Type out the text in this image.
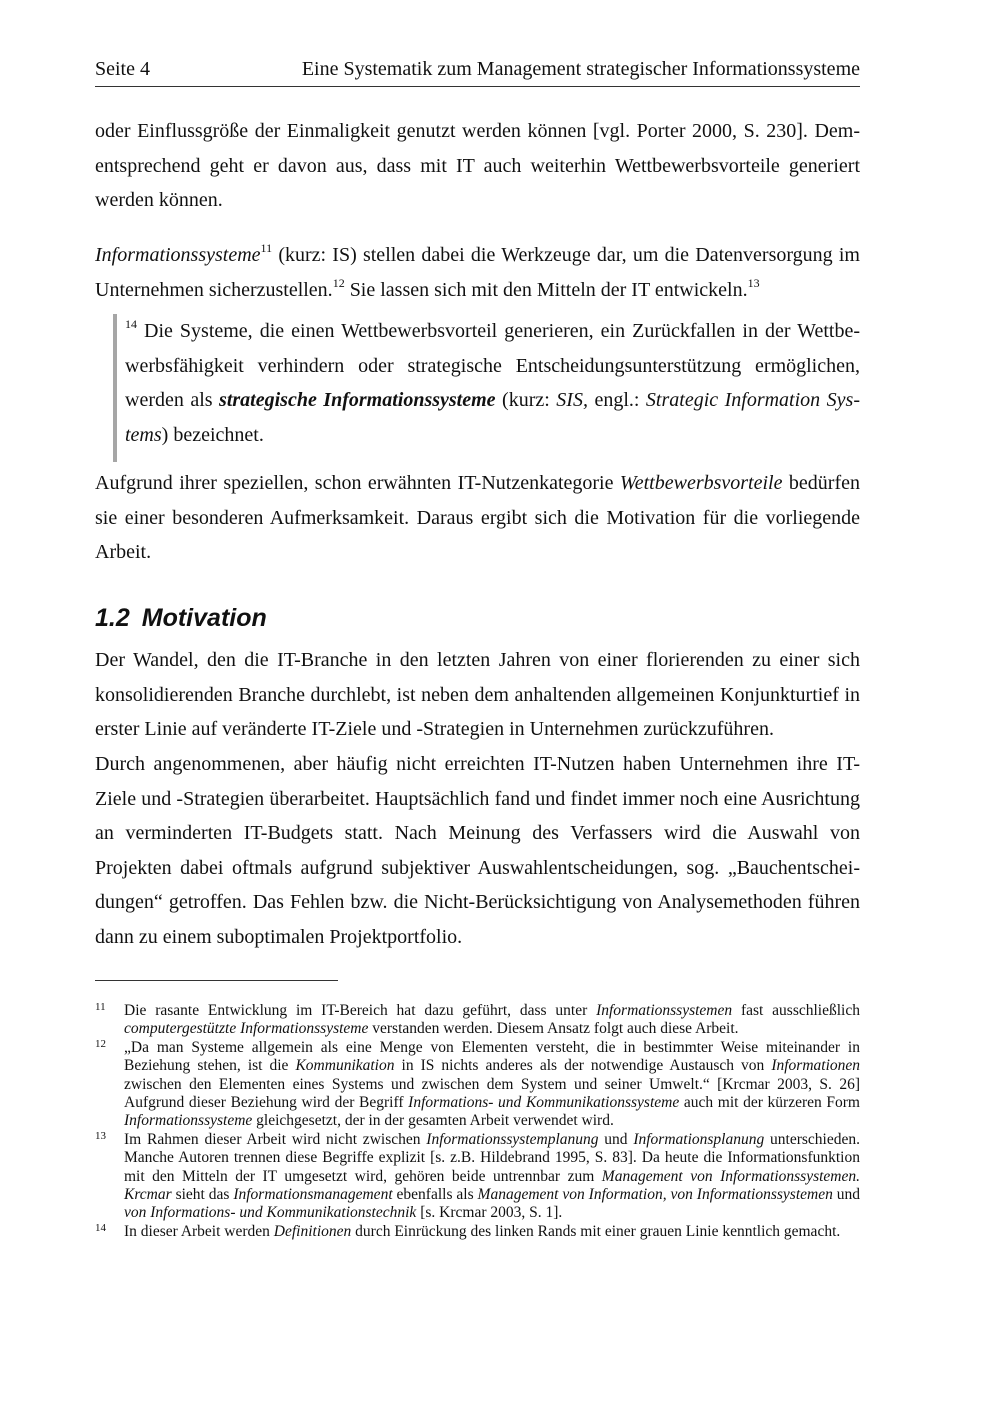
Seite 4	Eine Systematik zum Management strategischer Informationssysteme

oder Einflussgröße der Einmaligkeit genutzt werden können [vgl. Porter 2000, S. 230]. Dementsprechend geht er davon aus, dass mit IT auch weiterhin Wettbewerbsvorteile generiert werden können.

Informationssysteme$^{11}$ (kurz: IS) stellen dabei die Werkzeuge dar, um die Datenversorgung im Unternehmen sicherzustellen.$^{12}$ Sie lassen sich mit den Mitteln der IT entwickeln.$^{13}$

$^{14}$ Die Systeme, die einen Wettbewerbsvorteil generieren, ein Zurückfallen in der Wettbewerbsfähigkeit verhindern oder strategische Entscheidungsunterstützung ermöglichen, werden als strategische Informationssysteme (kurz: SIS, engl.: Strategic Information Systems) bezeichnet.

Aufgrund ihrer speziellen, schon erwähnten IT-Nutzenkategorie Wettbewerbsvorteile bedürfen sie einer besonderen Aufmerksamkeit. Daraus ergibt sich die Motivation für die vorliegende Arbeit.

1.2 Motivation

Der Wandel, den die IT-Branche in den letzten Jahren von einer florierenden zu einer sich konsolidierenden Branche durchlebt, ist neben dem anhaltenden allgemeinen Konjunkturtief in erster Linie auf veränderte IT-Ziele und -Strategien in Unternehmen zurückzuführen.

Durch angenommenen, aber häufig nicht erreichten IT-Nutzen haben Unternehmen ihre IT-Ziele und -Strategien überarbeitet. Hauptsächlich fand und findet immer noch eine Ausrichtung an verminderten IT-Budgets statt. Nach Meinung des Verfassers wird die Auswahl von Projekten dabei oftmals aufgrund subjektiver Auswahlentscheidungen, sog. „Bauchentscheidungen“ getroffen. Das Fehlen bzw. die Nicht-Berücksichtigung von Analysemethoden führen dann zu einem suboptimalen Projektportfolio.

11 Die rasante Entwicklung im IT-Bereich hat dazu geführt, dass unter Informationssystemen fast ausschließlich computergestützte Informationssysteme verstanden werden. Diesem Ansatz folgt auch diese Arbeit.

12 „Da man Systeme allgemein als eine Menge von Elementen versteht, die in bestimmter Weise miteinander in Beziehung stehen, ist die Kommunikation in IS nichts anderes als der notwendige Austausch von Informationen zwischen den Elementen eines Systems und zwischen dem System und seiner Umwelt.“ [Krcmar 2003, S. 26] Aufgrund dieser Beziehung wird der Begriff Informations- und Kommunikationssysteme auch mit der kürzeren Form Informationssysteme gleichgesetzt, der in der gesamten Arbeit verwendet wird.

13 Im Rahmen dieser Arbeit wird nicht zwischen Informationssystemplanung und Informationsplanung unterschieden. Manche Autoren trennen diese Begriffe explizit [s. z.B. Hildebrand 1995, S. 83]. Da heute die Informationsfunktion mit den Mitteln der IT umgesetzt wird, gehören beide untrennbar zum Management von Informationssystemen. Krcmar sieht das Informationsmanagement ebenfalls als Management von Information, von Informationssystemen und von Informations- und Kommunikationstechnik [s. Krcmar 2003, S. 1].

14 In dieser Arbeit werden Definitionen durch Einrückung des linken Rands mit einer grauen Linie kenntlich gemacht.
